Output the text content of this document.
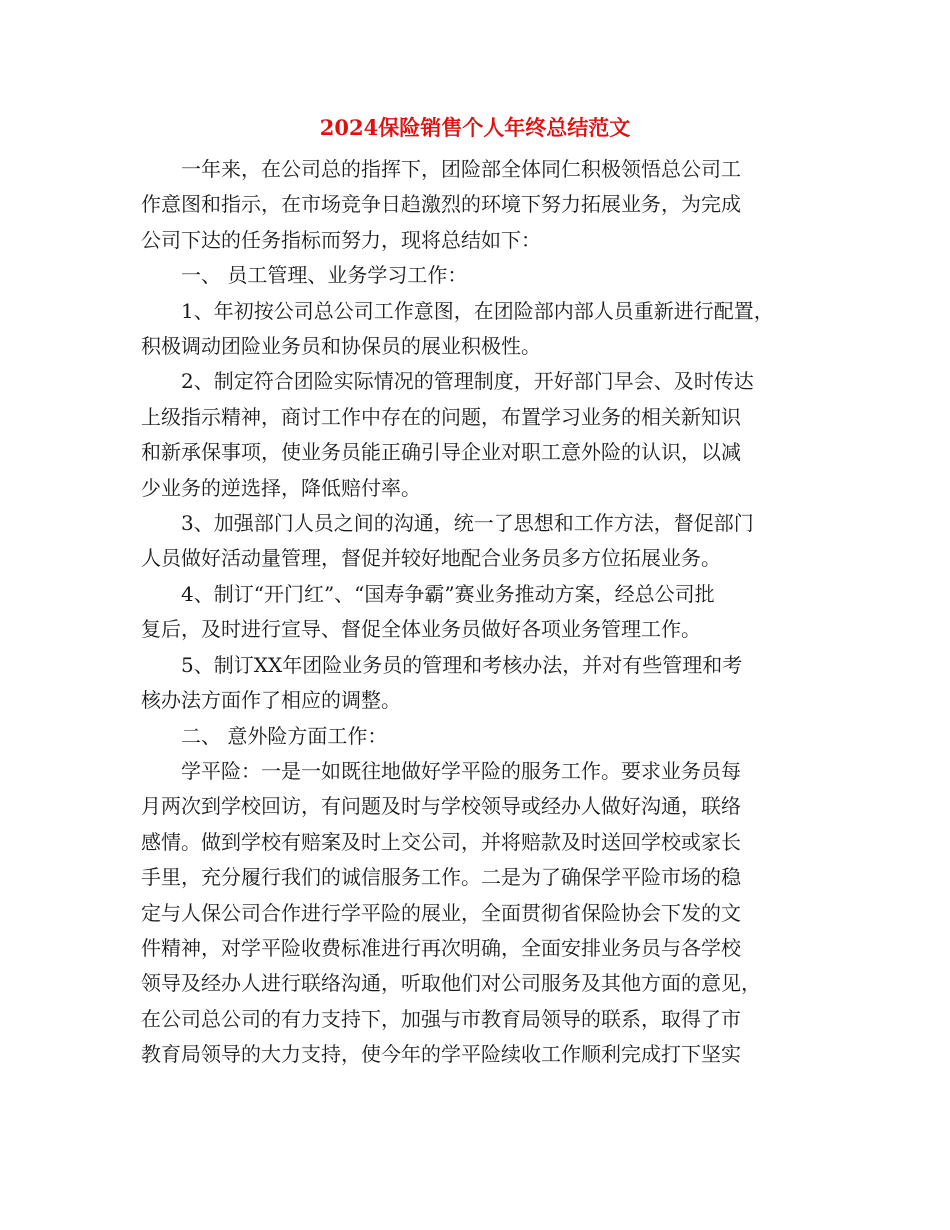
2024保险销售个人年终总结范文

一年来，在公司总的指挥下，团险部全体同仁积极领悟总公司工
作意图和指示，在市场竞争日趋激烈的环境下努力拓展业务，为完成
公司下达的任务指标而努力，现将总结如下：

一、 员工管理、业务学习工作：

1、年初按公司总公司工作意图，在团险部内部人员重新进行配置，
积极调动团险业务员和协保员的展业积极性。

2、制定符合团险实际情况的管理制度，开好部门早会、及时传达
上级指示精神，商讨工作中存在的问题，布置学习业务的相关新知识
和新承保事项，使业务员能正确引导企业对职工意外险的认识，以减
少业务的逆选择，降低赔付率。

3、加强部门人员之间的沟通，统一了思想和工作方法，督促部门
人员做好活动量管理，督促并较好地配合业务员多方位拓展业务。

4、制订“开门红”、“国寿争霸”赛业务推动方案，经总公司批
复后，及时进行宣导、督促全体业务员做好各项业务管理工作。

5、制订XX年团险业务员的管理和考核办法，并对有些管理和考
核办法方面作了相应的调整。

二、 意外险方面工作：

学平险：一是一如既往地做好学平险的服务工作。要求业务员每
月两次到学校回访，有问题及时与学校领导或经办人做好沟通，联络
感情。做到学校有赔案及时上交公司，并将赔款及时送回学校或家长
手里，充分履行我们的诚信服务工作。二是为了确保学平险市场的稳
定与人保公司合作进行学平险的展业，全面贯彻省保险协会下发的文
件精神，对学平险收费标准进行再次明确，全面安排业务员与各学校
领导及经办人进行联络沟通，听取他们对公司服务及其他方面的意见，
在公司总公司的有力支持下，加强与市教育局领导的联系，取得了市
教育局领导的大力支持，使今年的学平险续收工作顺利完成打下坚实
